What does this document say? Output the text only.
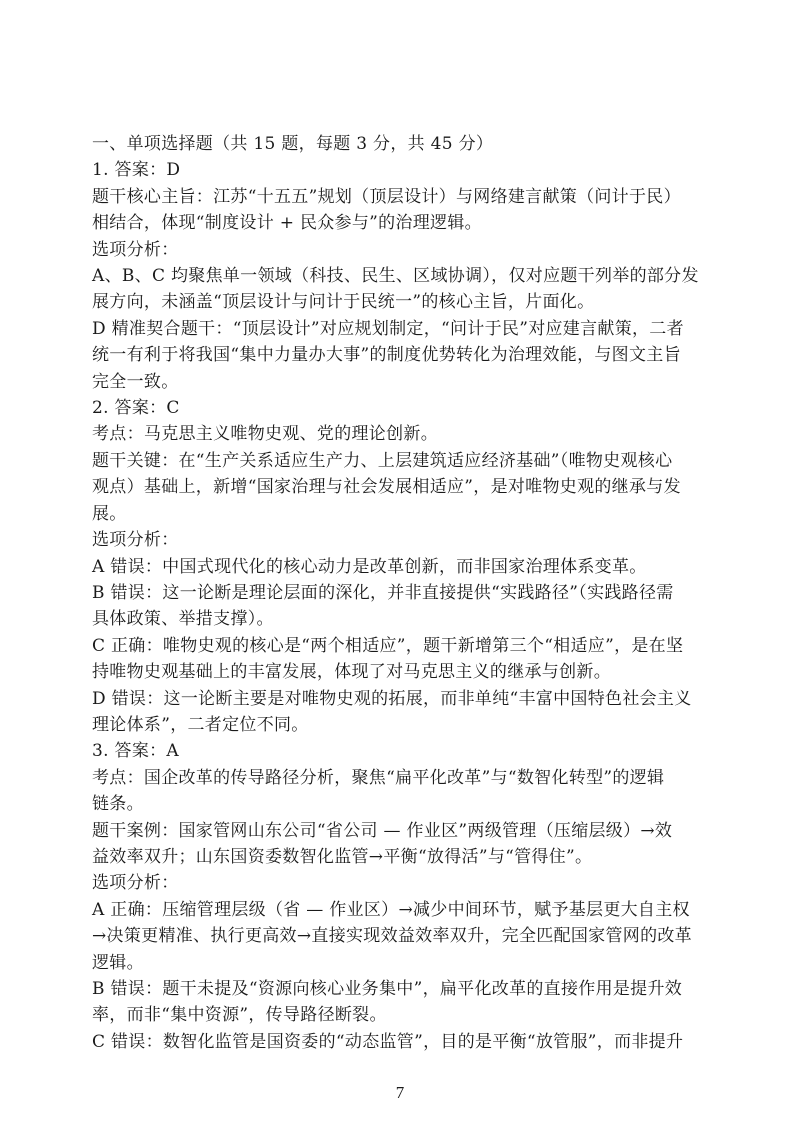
一、单项选择题（共 15 题，每题 3 分，共 45 分）

1. 答案：D

题干核心主旨：江苏“十五五”规划（顶层设计）与网络建言献策（问计于民）

相结合，体现“制度设计 + 民众参与”的治理逻辑。

选项分析：

A、B、C 均聚焦单一领域（科技、民生、区域协调），仅对应题干列举的部分发

展方向，未涵盖“顶层设计与问计于民统一”的核心主旨，片面化。

D 精准契合题干：“顶层设计”对应规划制定，“问计于民”对应建言献策，二者

统一有利于将我国“集中力量办大事”的制度优势转化为治理效能，与图文主旨

完全一致。

2. 答案：C

考点：马克思主义唯物史观、党的理论创新。

题干关键：在“生产关系适应生产力、上层建筑适应经济基础”（唯物史观核心

观点）基础上，新增“国家治理与社会发展相适应”，是对唯物史观的继承与发

展。

选项分析：

A 错误：中国式现代化的核心动力是改革创新，而非国家治理体系变革。

B 错误：这一论断是理论层面的深化，并非直接提供“实践路径”（实践路径需

具体政策、举措支撑）。

C 正确：唯物史观的核心是“两个相适应”，题干新增第三个“相适应”，是在坚

持唯物史观基础上的丰富发展，体现了对马克思主义的继承与创新。

D 错误：这一论断主要是对唯物史观的拓展，而非单纯“丰富中国特色社会主义

理论体系”，二者定位不同。

3. 答案：A

考点：国企改革的传导路径分析，聚焦“扁平化改革”与“数智化转型”的逻辑

链条。

题干案例：国家管网山东公司“省公司 — 作业区”两级管理（压缩层级）→效

益效率双升；山东国资委数智化监管→平衡“放得活”与“管得住”。

选项分析：

A 正确：压缩管理层级（省 — 作业区）→减少中间环节，赋予基层更大自主权

→决策更精准、执行更高效→直接实现效益效率双升，完全匹配国家管网的改革

逻辑。

B 错误：题干未提及“资源向核心业务集中”，扁平化改革的直接作用是提升效

率，而非“集中资源”，传导路径断裂。

C 错误：数智化监管是国资委的“动态监管”，目的是平衡“放管服”，而非提升

7
